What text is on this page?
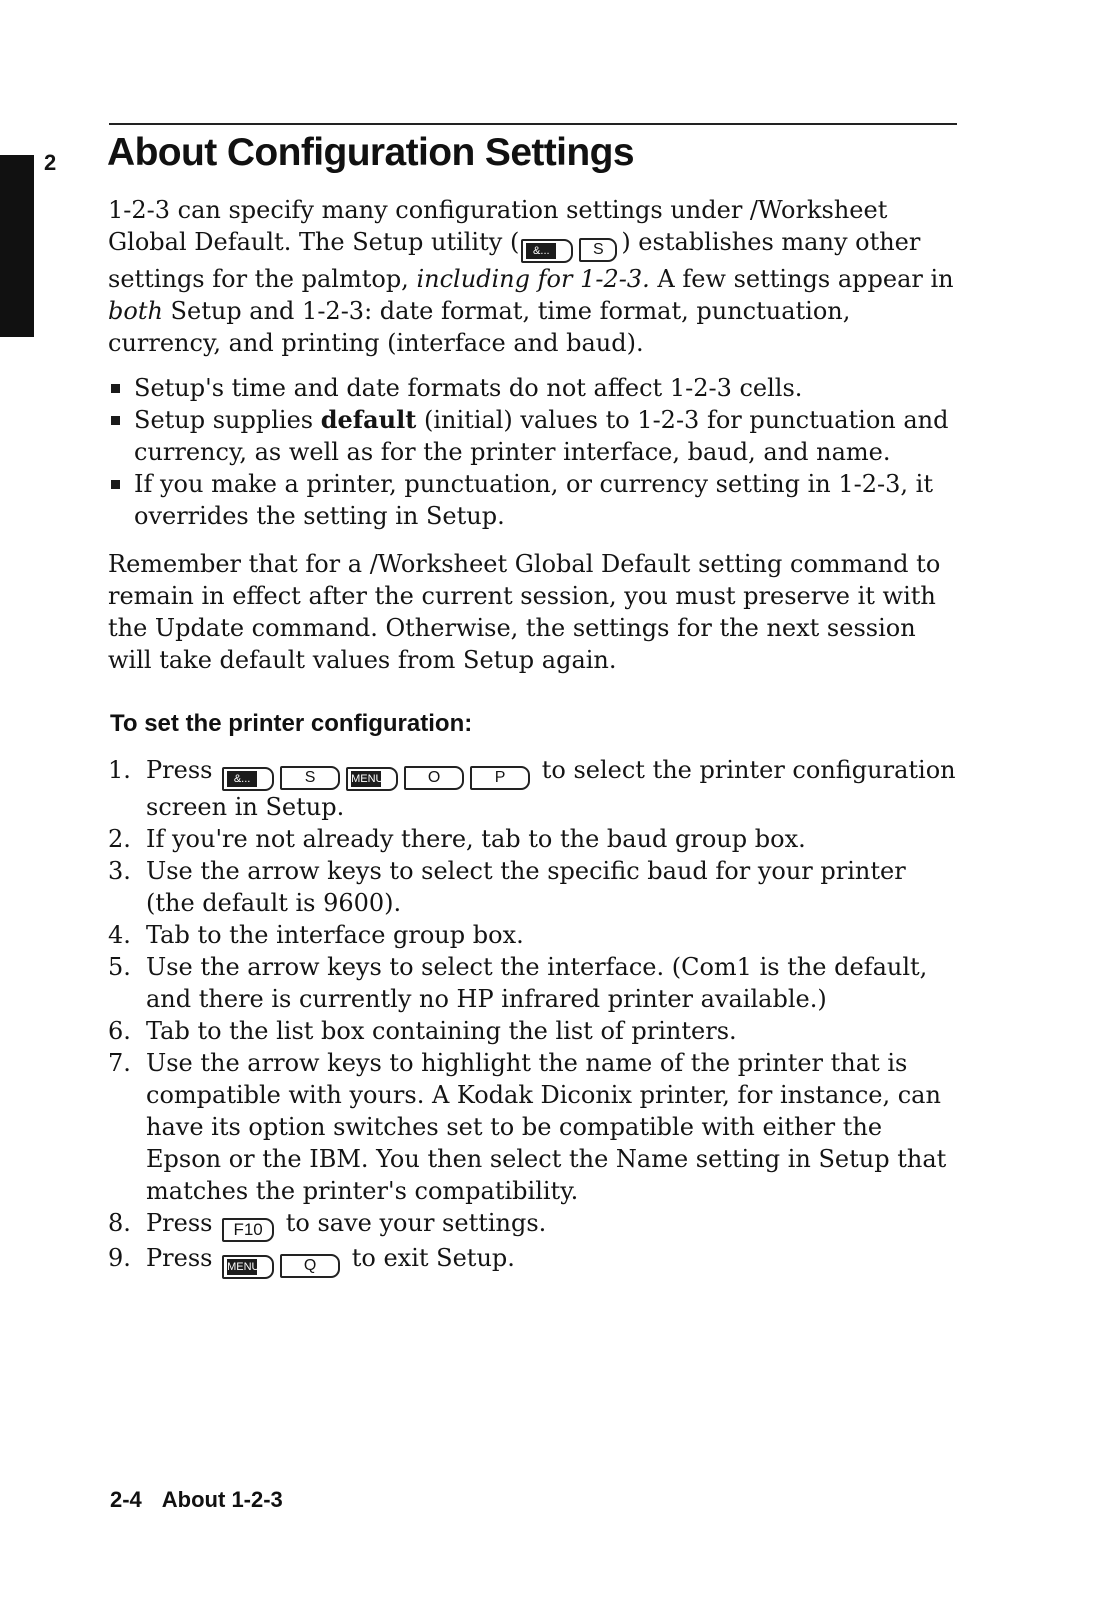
2 About Configuration Settings

1-2-3 can specify many configuration settings under /Worksheet Global Default. The Setup utility (	&...	S ) establishes many other settings for the palmtop, including for 1-2-3. A few settings appear in both Setup and 1-2-3: date format, time format, punctuation, currency, and printing (interface and baud).

Setup's time and date formats do not affect 1-2-3 cells.
Setup supplies default (initial) values to 1-2-3 for punctuation and currency, as well as for the printer interface, baud, and name.
If you make a printer, punctuation, or currency setting in 1-2-3, it overrides the setting in Setup.

Remember that for a /Worksheet Global Default setting command to remain in effect after the current session, you must preserve it with the Update command. Otherwise, the settings for the next session will take default values from Setup again.

To set the printer configuration:
1. Press	&...	S	MENU	O	P to select the printer configuration screen in Setup.
2. If you're not already there, tab to the baud group box.
3. Use the arrow keys to select the specific baud for your printer (the default is 9600).
4. Tab to the interface group box.
5. Use the arrow keys to select the interface. (Com1 is the default, and there is currently no HP infrared printer available.)
6. Tab to the list box containing the list of printers.
7. Use the arrow keys to highlight the name of the printer that is compatible with yours. A Kodak Diconix printer, for instance, can have its option switches set to be compatible with either the Epson or the IBM. You then select the Name setting in Setup that matches the printer's compatibility.
8. Press F10 to save your settings.
9. Press MENU	Q to exit Setup.

2-4 About 1-2-3
